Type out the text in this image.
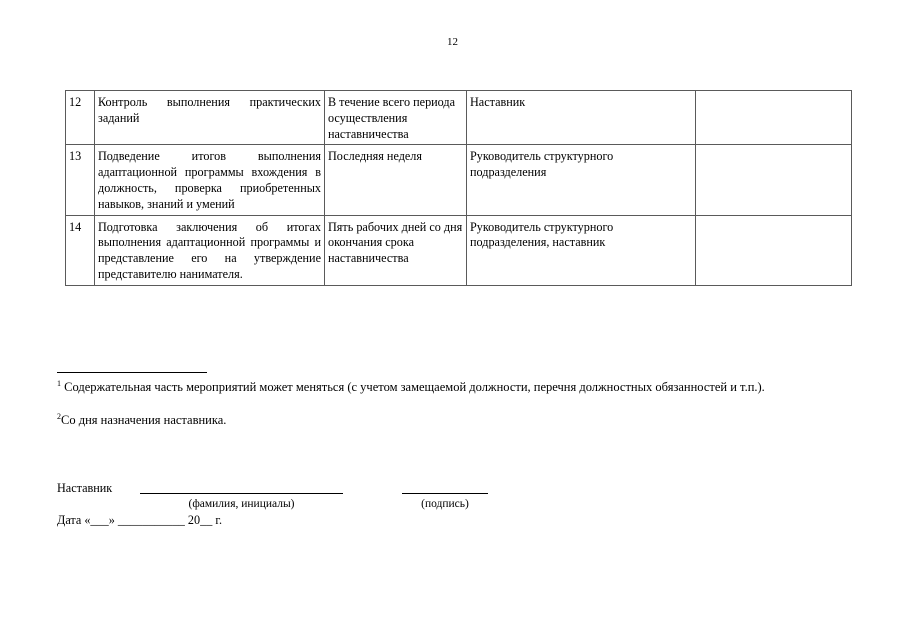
12
12	Контроль выполнения практических заданий	В течение всего периода осуществления наставничества	Наставник	
13	Подведение итогов выполнения адаптационной программы вхождения в должность, проверка приобретенных навыков, знаний и умений	Последняя неделя	Руководитель структурного подразделения	
14	Подготовка заключения об итогах выполнения адаптационной программы и представление его на утверждение представителю нанимателя.	Пять рабочих дней со дня окончания срока наставничества	Руководитель структурного подразделения, наставник	
$^1$ Содержательная часть мероприятий может меняться (с учетом замещаемой должности, перечня должностных обязанностей и т.п.).
$^2$Со дня назначения наставника.
Наставник
(фамилия, инициалы)	(подпись)
Дата «___» ___________ 20__ г.
